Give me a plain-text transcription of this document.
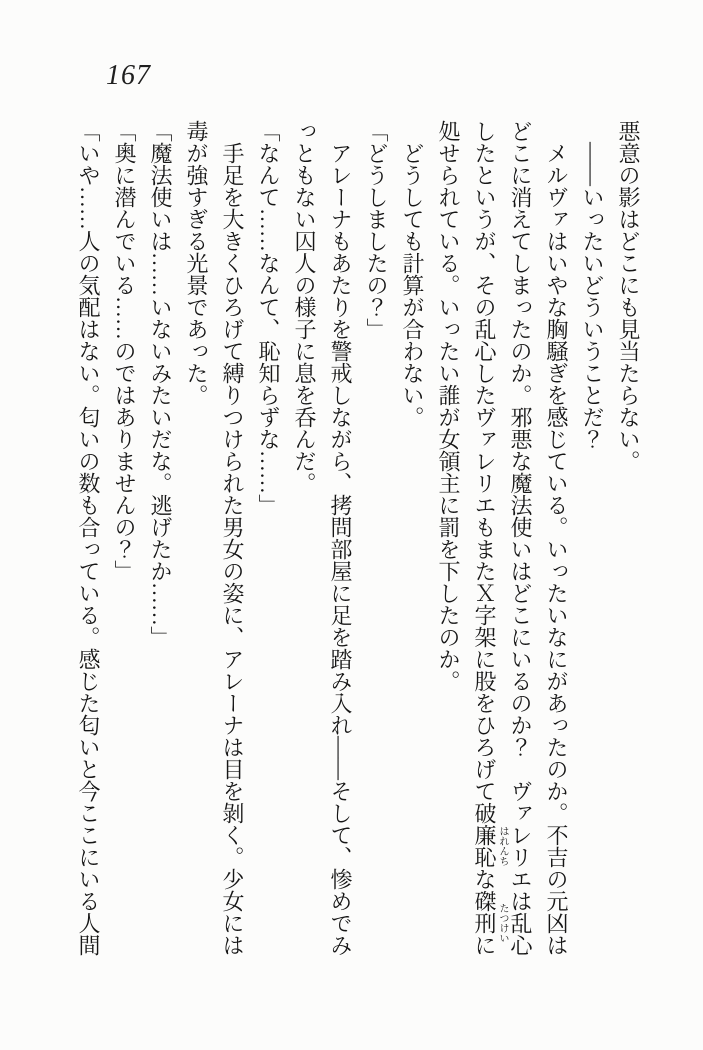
167

悪意の影はどこにも見当たらない。

――いったいどういうことだ？

メルヴァはいやな胸騒ぎを感じている。いったいなにがあったのか。不吉の元凶はどこに消えてしまったのか。邪悪な魔法使いはどこにいるのか？　ヴァレリエは乱心したというが、その乱心したヴァレリエもまたＸ字架に股をひろげて破廉恥 はれんち
な磔刑 たつけい
に処せられている。いったい誰が女領主に罰を下したのか。

どうしても計算が合わない。

「どうしましたの？」

アレーナもあたりを警戒しながら、拷問部屋に足を踏み入れ――そして、惨めでみっともない囚人の様子に息を呑んだ。

「なんて……なんて、恥知らずな……」

手足を大きくひろげて縛りつけられた男女の姿に、アレーナは目を剝く。少女には毒が強すぎる光景であった。

「魔法使いは……いないみたいだな。逃げたか……」

「奥に潜んでいる……のではありませんの？」

「いや……人の気配はない。匂いの数も合っている。感じた匂いと今ここにいる人間
